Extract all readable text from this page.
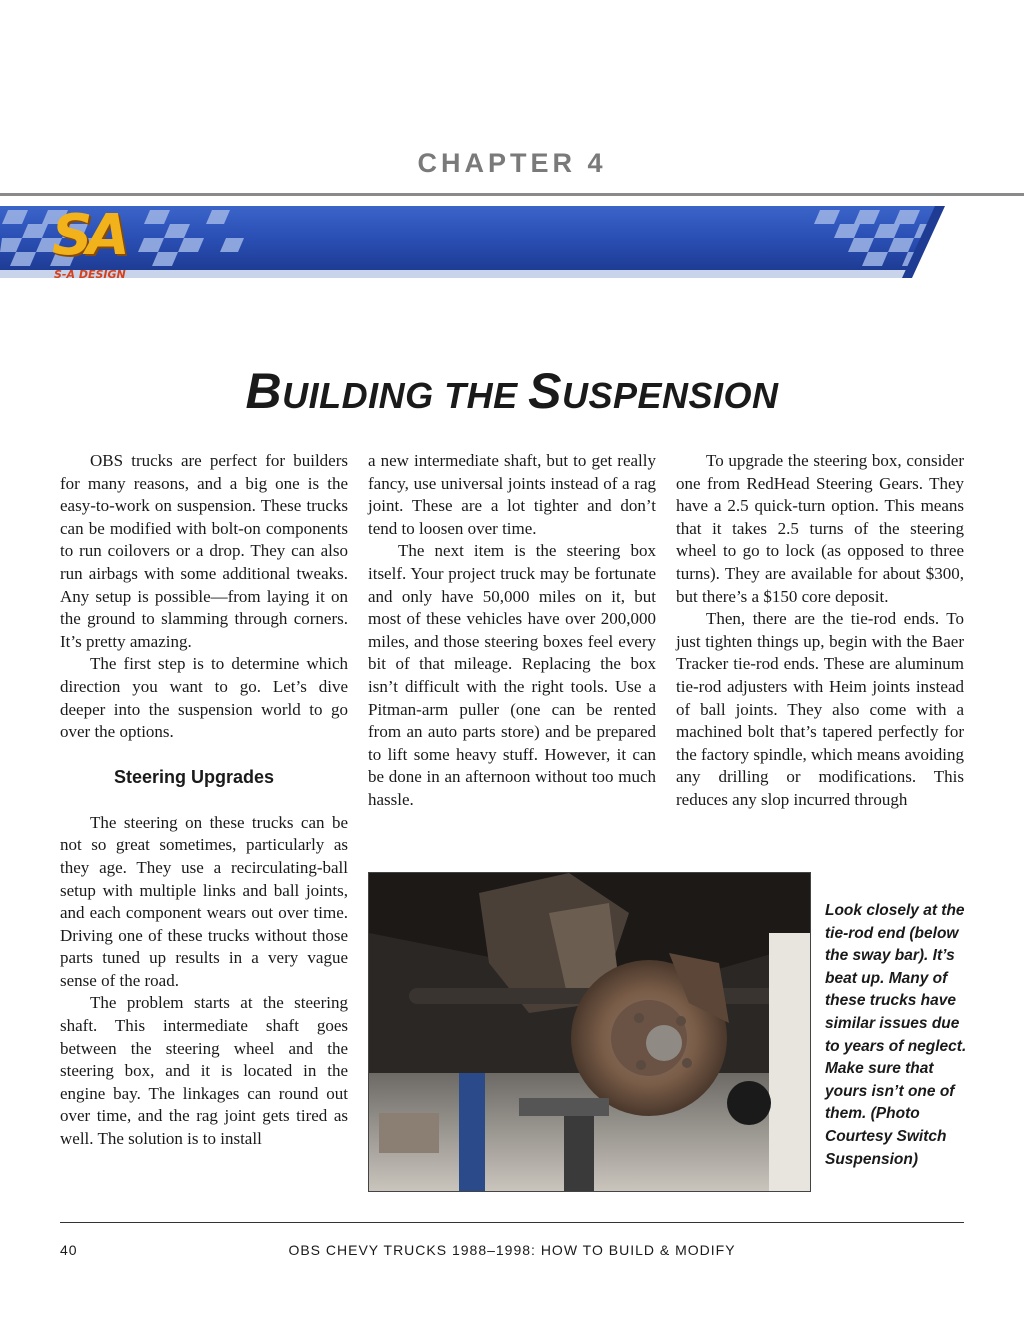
CHAPTER 4
SA
S-A DESIGN
BUILDING THE SUSPENSION

OBS trucks are perfect for builders for many reasons, and a big one is the easy-to-work on suspension. These trucks can be modified with bolt-on components to run coilovers or a drop. They can also run airbags with some additional tweaks. Any setup is possible—from laying it on the ground to slamming through corners. It’s pretty amazing.

The first step is to determine which direction you want to go. Let’s dive deeper into the suspension world to go over the options.

Steering Upgrades

The steering on these trucks can be not so great sometimes, particularly as they age. They use a recirculating-ball setup with multiple links and ball joints, and each component wears out over time. Driving one of these trucks without those parts tuned up results in a very vague sense of the road.

The problem starts at the steering shaft. This intermediate shaft goes between the steering wheel and the steering box, and it is located in the engine bay. The linkages can round out over time, and the rag joint gets tired as well. The solution is to install

a new intermediate shaft, but to get really fancy, use universal joints instead of a rag joint. These are a lot tighter and don’t tend to loosen over time.

The next item is the steering box itself. Your project truck may be fortunate and only have 50,000 miles on it, but most of these vehicles have over 200,000 miles, and those steering boxes feel every bit of that mileage. Replacing the box isn’t difficult with the right tools. Use a Pitman-arm puller (one can be rented from an auto parts store) and be prepared to lift some heavy stuff. However, it can be done in an afternoon without too much hassle.

To upgrade the steering box, consider one from RedHead Steering Gears. They have a 2.5 quick-turn option. This means that it takes 2.5 turns of the steering wheel to go to lock (as opposed to three turns). They are available for about $300, but there’s a $150 core deposit.

Then, there are the tie-rod ends. To just tighten things up, begin with the Baer Tracker tie-rod ends. These are aluminum tie-rod adjusters with Heim joints instead of ball joints. They also come with a machined bolt that’s tapered perfectly for the factory spindle, which means avoiding any drilling or modifications. This reduces any slop incurred through

Look closely at the tie-rod end (below the sway bar). It’s beat up. Many of these trucks have similar issues due to years of neglect. Make sure that yours isn’t one of them. (Photo Courtesy Switch Suspension)
40	OBS CHEVY TRUCKS 1988–1998: HOW TO BUILD & MODIFY
